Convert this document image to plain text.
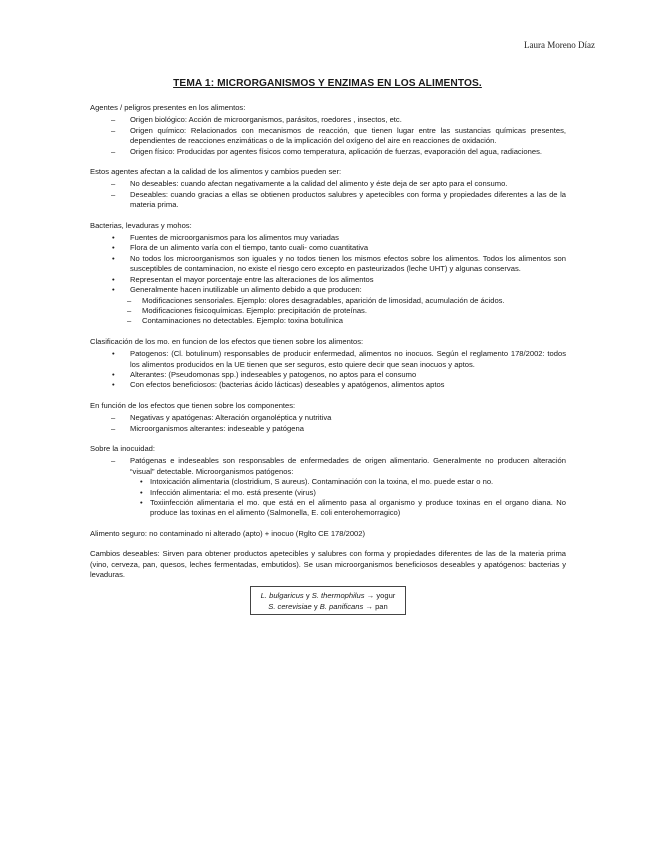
Laura Moreno Díaz
TEMA 1: MICRORGANISMOS Y ENZIMAS EN LOS ALIMENTOS.

Agentes / peligros presentes en los alimentos:

– Origen biológico: Acción de microorganismos, parásitos, roedores , insectos, etc.
– Origen químico: Relacionados con mecanismos de reacción, que tienen lugar entre las sustancias químicas presentes, dependientes de reacciones enzimáticas o de la implicación del oxígeno del aire en reacciones de oxidación.
– Origen físico: Producidas por agentes físicos como temperatura, aplicación de fuerzas, evaporación del agua, radiaciones.

Estos agentes afectan a la calidad de los alimentos y cambios pueden ser:

– No deseables: cuando afectan negativamente a la calidad del alimento y éste deja de ser apto para el consumo.
– Deseables: cuando gracias a ellas se obtienen productos salubres y apetecibles con forma y propiedades diferentes a las de la materia prima.

Bacterias, levaduras y mohos:

• Fuentes de microorganismos para los alimentos muy variadas
• Flora de un alimento varía con el tiempo, tanto cuali- como cuantitativa
• No todos los microorganismos son iguales y no todos tienen los mismos efectos sobre los alimentos. Todos los alimentos son susceptibles de contaminacion, no existe el riesgo cero excepto en pasteurizados (leche UHT) y algunas conservas.
• Representan el mayor porcentaje entre las alteraciones de los alimentos
• Generalmente hacen inutilizable un alimento debido a que producen:
– Modificaciones sensoriales. Ejemplo: olores desagradables, aparición de limosidad, acumulación de ácidos.
– Modificaciones fisicoquímicas. Ejemplo: precipitación de proteínas.
– Contaminaciones no detectables. Ejemplo: toxina botulínica

Clasificación de los mo. en funcion de los efectos que tienen sobre los alimentos:

• Patogenos: (Cl. botulinum) responsables de producir enfermedad, alimentos no inocuos. Según el reglamento 178/2002: todos los alimentos producidos en la UE tienen que ser seguros, esto quiere decir que sean inocuos y aptos.
• Alterantes: (Pseudomonas spp.) indeseables y patogenos, no aptos para el consumo
• Con efectos beneficiosos: (bacterias ácido lácticas) deseables y apatógenos, alimentos aptos

En función de los efectos que tienen sobre los componentes:

– Negativas y apatógenas: Alteración organoléptica y nutritiva
– Microorganismos alterantes: indeseable y patógena

Sobre la inocuidad:

– Patógenas e indeseables son responsables de enfermedades de origen alimentario. Generalmente no producen alteración “visual” detectable. Microorganismos patógenos:
• Intoxicación alimentaria (clostridium, S aureus). Contaminación con la toxina, el mo. puede estar o no.
• Infección alimentaria: el mo. está presente (virus)
• Toxiinfección alimentaria el mo. que está en el alimento pasa al organismo y produce toxinas en el organo diana. No produce las toxinas en el alimento (Salmonella, E. coli enterohemorragico)

Alimento seguro: no contaminado ni alterado (apto) + inocuo (Rglto CE 178/2002)

Cambios deseables: Sirven para obtener productos apetecibles y salubres con forma y propiedades diferentes de las de la materia prima (vino, cerveza, pan, quesos, leches fermentadas, embutidos). Se usan microorganismos beneficiosos deseables y apatógenos: bacterias y levaduras.

L. bulgaricus y S. thermophilus → yogur
S. cerevisiae y B. panificans → pan
